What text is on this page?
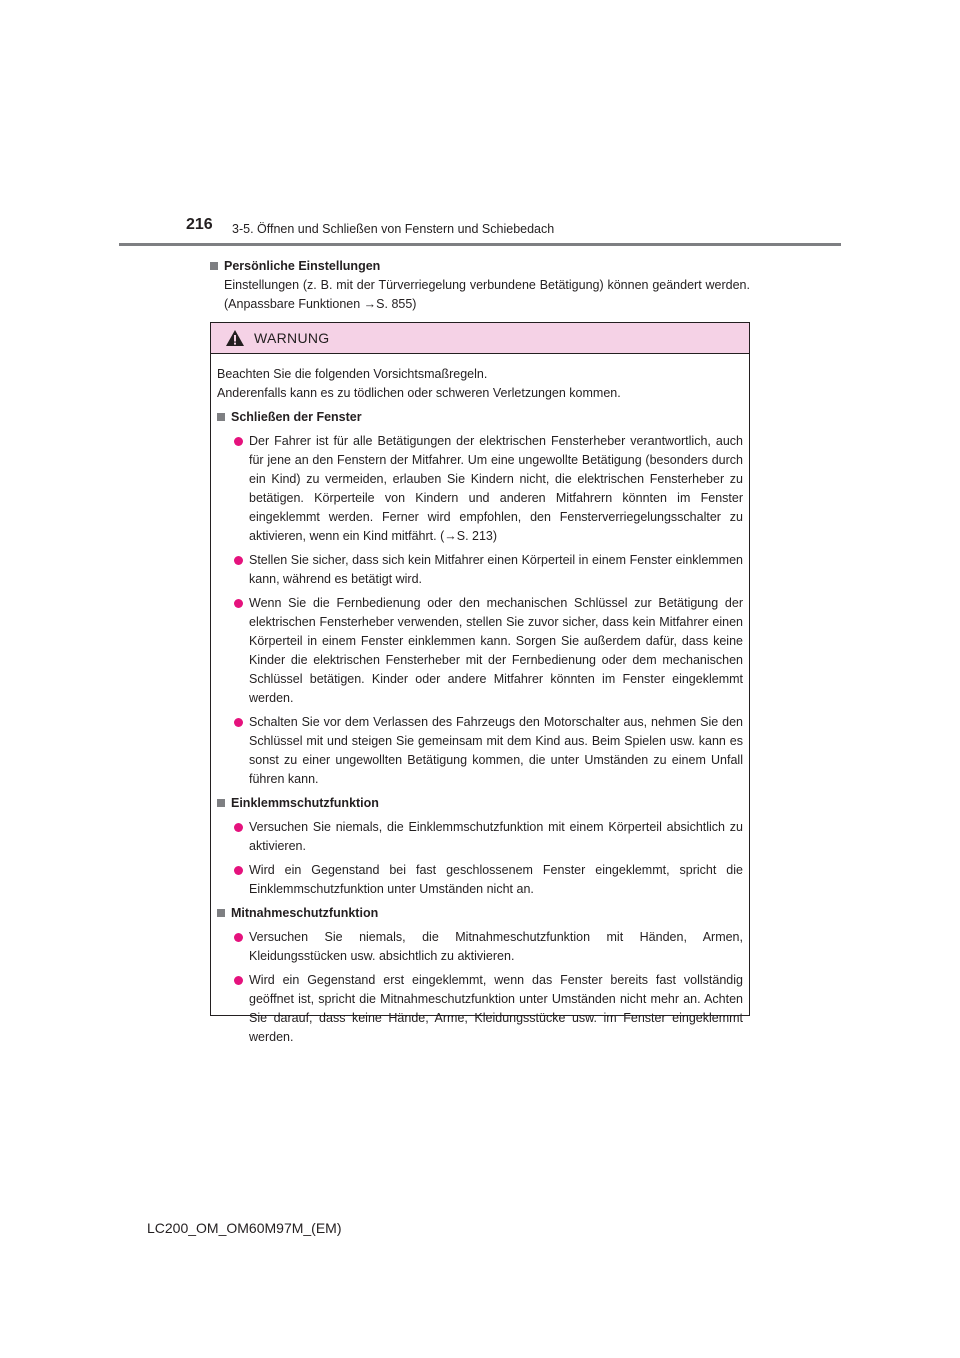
216 3-5. Öffnen und Schließen von Fenstern und Schiebedach
Persönliche Einstellungen
Einstellungen (z. B. mit der Türverriegelung verbundene Betätigung) können geändert werden. (Anpassbare Funktionen →S. 855)
WARNUNG

Beachten Sie die folgenden Vorsichtsmaßregeln.

Anderenfalls kann es zu tödlichen oder schweren Verletzungen kommen.

Schließen der Fenster
Der Fahrer ist für alle Betätigungen der elektrischen Fensterheber verantwortlich, auch für jene an den Fenstern der Mitfahrer. Um eine ungewollte Betätigung (besonders durch ein Kind) zu vermeiden, erlauben Sie Kindern nicht, die elektrischen Fensterheber zu betätigen. Körperteile von Kindern und anderen Mitfahrern könnten im Fenster eingeklemmt werden. Ferner wird empfohlen, den Fensterverriegelungsschalter zu aktivieren, wenn ein Kind mitfährt. (→S. 213)
Stellen Sie sicher, dass sich kein Mitfahrer einen Körperteil in einem Fenster einklemmen kann, während es betätigt wird.
Wenn Sie die Fernbedienung oder den mechanischen Schlüssel zur Betätigung der elektrischen Fensterheber verwenden, stellen Sie zuvor sicher, dass kein Mitfahrer einen Körperteil in einem Fenster einklemmen kann. Sorgen Sie außerdem dafür, dass keine Kinder die elektrischen Fensterheber mit der Fernbedienung oder dem mechanischen Schlüssel betätigen. Kinder oder andere Mitfahrer könnten im Fenster eingeklemmt werden.
Schalten Sie vor dem Verlassen des Fahrzeugs den Motorschalter aus, nehmen Sie den Schlüssel mit und steigen Sie gemeinsam mit dem Kind aus. Beim Spielen usw. kann es sonst zu einer ungewollten Betätigung kommen, die unter Umständen zu einem Unfall führen kann.
Einklemmschutzfunktion
Versuchen Sie niemals, die Einklemmschutzfunktion mit einem Körperteil absichtlich zu aktivieren.
Wird ein Gegenstand bei fast geschlossenem Fenster eingeklemmt, spricht die Einklemmschutzfunktion unter Umständen nicht an.
Mitnahmeschutzfunktion
Versuchen Sie niemals, die Mitnahmeschutzfunktion mit Händen, Armen, Kleidungsstücken usw. absichtlich zu aktivieren.
Wird ein Gegenstand erst eingeklemmt, wenn das Fenster bereits fast vollständig geöffnet ist, spricht die Mitnahmeschutzfunktion unter Umständen nicht mehr an. Achten Sie darauf, dass keine Hände, Arme, Kleidungsstücke usw. im Fenster eingeklemmt werden.
LC200_OM_OM60M97M_(EM)
